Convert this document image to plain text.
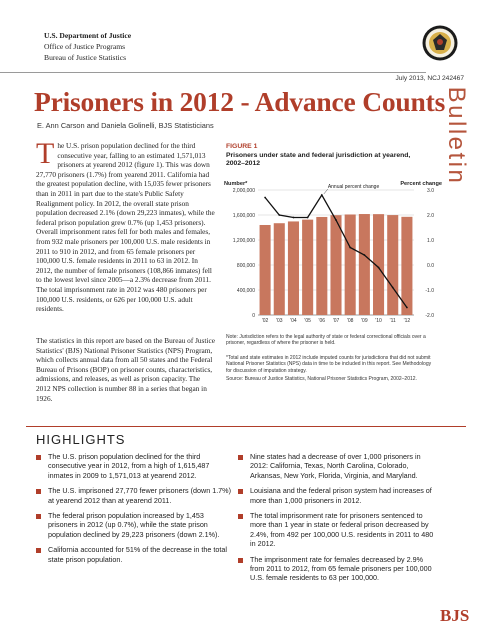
U.S. Department of Justice
Office of Justice Programs
Bureau of Justice Statistics
July 2013, NCJ 242467
Bulletin
Prisoners in 2012 - Advance Counts
E. Ann Carson and Daniela Golinelli, BJS Statisticians
The U.S. prison population declined for the third consecutive year, falling to an estimated 1,571,013 prisoners at yearend 2012 (figure 1). This was down 27,770 prisoners (1.7%) from yearend 2011. California had the greatest population decline, with 15,035 fewer prisoners than in 2011 in part due to the state's Public Safety Realignment policy. In 2012, the overall state prison population decreased 2.1% (down 29,223 inmates), while the federal prison population grew 0.7% (up 1,453 prisoners). Overall imprisonment rates fell for both males and females, from 932 male prisoners per 100,000 U.S. male residents in 2011 to 910 in 2012, and from 65 female prisoners per 100,000 U.S. female residents in 2011 to 63 in 2012. In 2012, the number of female prisoners (108,866 inmates) fell to the lowest level since 2005—a 2.3% decrease from 2011. The total imprisonment rate in 2012 was 480 prisoners per 100,000 U.S. residents, or 626 per 100,000 U.S. adult residents.
The statistics in this report are based on the Bureau of Justice Statistics' (BJS) National Prisoner Statistics (NPS) Program, which collects annual data from all 50 states and the Federal Bureau of Prisons (BOP) on prisoner counts, characteristics, admissions, and releases, as well as prison capacity. The 2012 NPS collection is number 88 in a series that began in 1926.
FIGURE 1
Prisoners under state and federal jurisdiction at yearend, 2002–2012
Number*	Percent change
0
400,000
800,000
1,200,000
1,600,000
2,000,000
-2.0
-1.0
0.0
1.0
2.0
3.0
'02 '03 '04 '05 '06 '07 '08 '09 '10 '11 '12
Annual percent change
Note: Jurisdiction refers to the legal authority of state or federal correctional officials over a prisoner, regardless of where the prisoner is held.
*Total and state estimates in 2012 include imputed counts for jurisdictions that did not submit National Prisoner Statistics (NPS) data in time to be included in this report. See Methodology for discussion of imputation strategy.
Source: Bureau of Justice Statistics, National Prisoner Statistics Program, 2002–2012.
HIGHLIGHTS
The U.S. prison population declined for the third consecutive year in 2012, from a high of 1,615,487 inmates in 2009 to 1,571,013 at yearend 2012.
The U.S. imprisoned 27,770 fewer prisoners (down 1.7%) at yearend 2012 than at yearend 2011.
The federal prison population increased by 1,453 prisoners in 2012 (up 0.7%), while the state prison population declined by 29,223 prisoners (down 2.1%).
California accounted for 51% of the decrease in the total state prison population.
Nine states had a decrease of over 1,000 prisoners in 2012: California, Texas, North Carolina, Colorado, Arkansas, New York, Florida, Virginia, and Maryland.
Louisiana and the federal prison system had increases of more than 1,000 prisoners in 2012.
The total imprisonment rate for prisoners sentenced to more than 1 year in state or federal prison decreased by 2.4%, from 492 per 100,000 U.S. residents in 2011 to 480 in 2012.
The imprisonment rate for females decreased by 2.9% from 2011 to 2012, from 65 female prisoners per 100,000 U.S. female residents to 63 per 100,000.
BJS
